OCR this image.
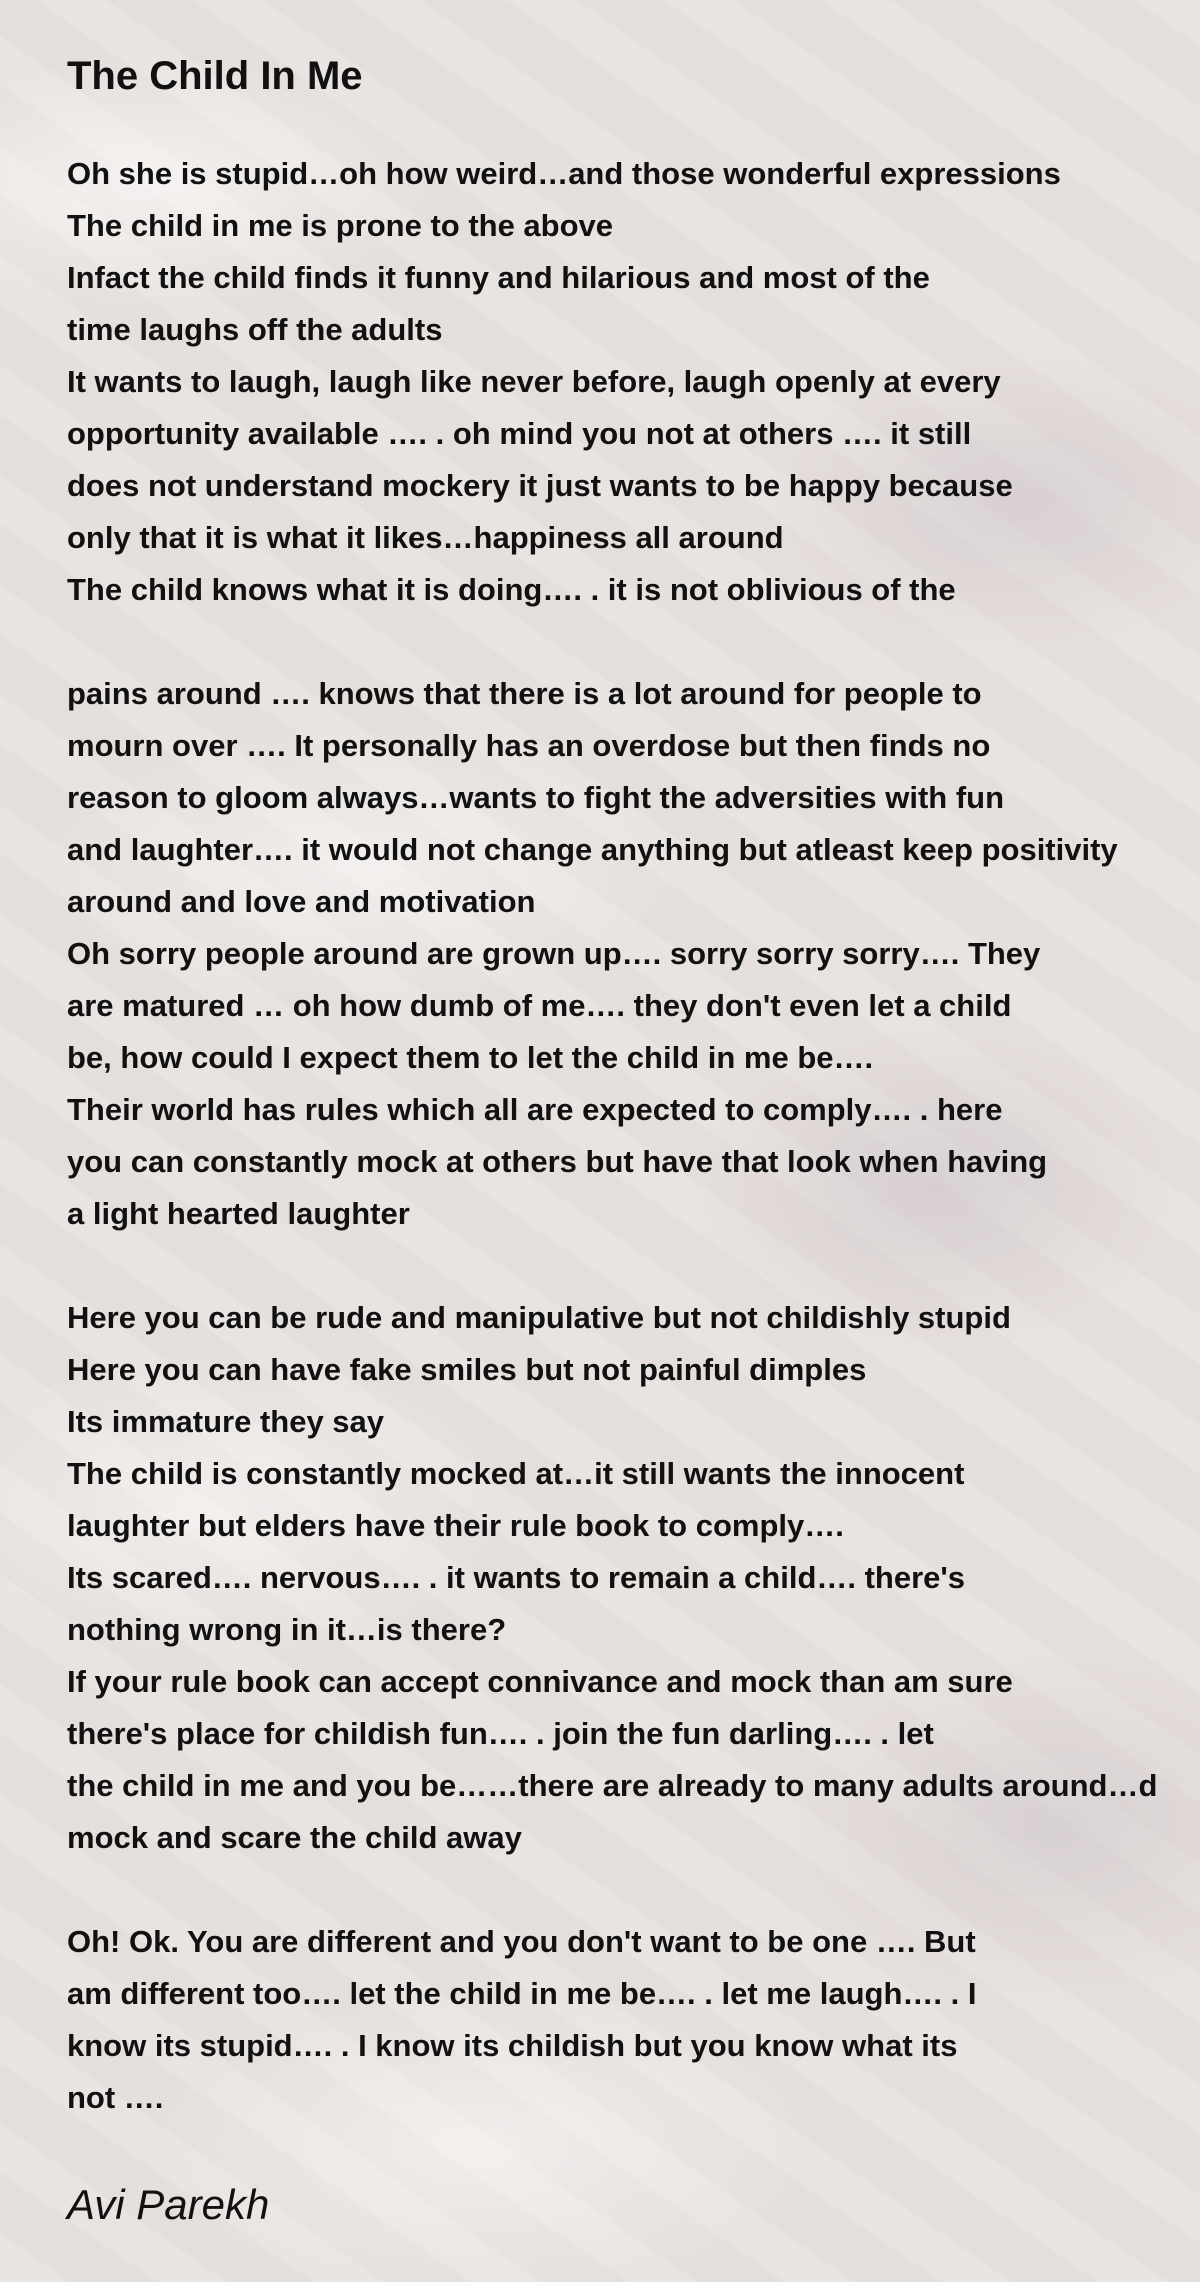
The Child In Me
Oh she is stupid…oh how weird…and those wonderful expressions
The child in me is prone to the above
Infact the child finds it funny and hilarious and most of the
time laughs off the adults
It wants to laugh, laugh like never before, laugh openly at every
opportunity available …. . oh mind you not at others …. it still
does not understand mockery it just wants to be happy because
only that it is what it likes…happiness all around
The child knows what it is doing…. . it is not oblivious of the
pains around …. knows that there is a lot around for people to
mourn over …. It personally has an overdose but then finds no
reason to gloom always…wants to fight the adversities with fun
and laughter…. it would not change anything but atleast keep positivity
around and love and motivation
Oh sorry people around are grown up…. sorry sorry sorry…. They
are matured … oh how dumb of me…. they don't even let a child
be, how could I expect them to let the child in me be….
Their world has rules which all are expected to comply…. . here
you can constantly mock at others but have that look when having
a light hearted laughter
Here you can be rude and manipulative but not childishly stupid
Here you can have fake smiles but not painful dimples
Its immature they say
The child is constantly mocked at…it still wants the innocent
laughter but elders have their rule book to comply….
Its scared…. nervous…. . it wants to remain a child…. there's
nothing wrong in it…is there?
If your rule book can accept connivance and mock than am sure
there's place for childish fun…. . join the fun darling…. . let
the child in me and you be……there are already to many adults around…d
mock and scare the child away
Oh! Ok. You are different and you don't want to be one …. But
am different too…. let the child in me be…. . let me laugh…. . I
know its stupid…. . I know its childish but you know what its
not ….
Avi Parekh
